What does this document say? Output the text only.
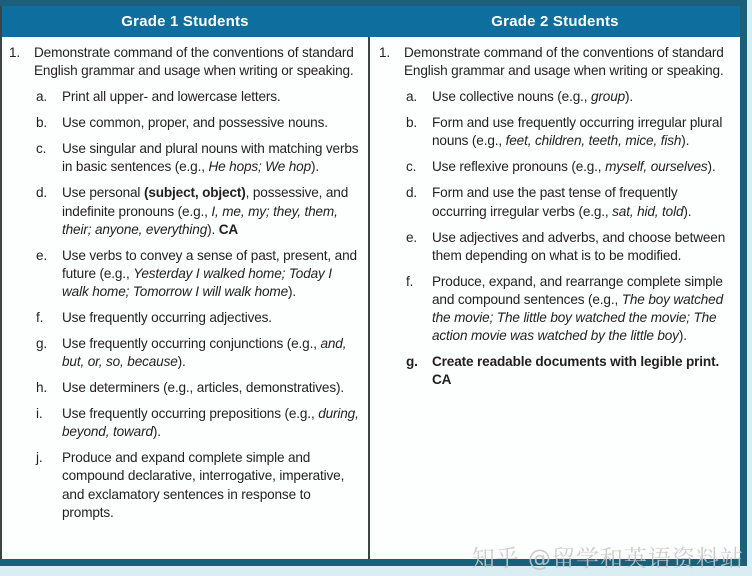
Grade 1 Students	Grade 2 Students
1.	Demonstrate command of the conventions of standard English grammar and usage when writing or speaking.
a.	Print all upper- and lowercase letters.
b.	Use common, proper, and possessive nouns.
c.	Use singular and plural nouns with matching verbs in basic sentences (e.g., He hops; We hop).
d.	Use personal (subject, object), possessive, and indefinite pronouns (e.g., I, me, my; they, them, their; anyone, everything). CA
e.	Use verbs to convey a sense of past, present, and future (e.g., Yesterday I walked home; Today I walk home; Tomorrow I will walk home).
f.	Use frequently occurring adjectives.
g.	Use frequently occurring conjunctions (e.g., and, but, or, so, because).
h.	Use determiners (e.g., articles, demonstratives).
i.	Use frequently occurring prepositions (e.g., during, beyond, toward).
j.	Produce and expand complete simple and compound declarative, interrogative, imperative, and exclamatory sentences in response to prompts.
1.	Demonstrate command of the conventions of standard English grammar and usage when writing or speaking.
a.	Use collective nouns (e.g., group).
b.	Form and use frequently occurring irregular plural nouns (e.g., feet, children, teeth, mice, fish).
c.	Use reflexive pronouns (e.g., myself, ourselves).
d.	Form and use the past tense of frequently occurring irregular verbs (e.g., sat, hid, told).
e.	Use adjectives and adverbs, and choose between them depending on what is to be modified.
f.	Produce, expand, and rearrange complete simple and compound sentences (e.g., The boy watched the movie; The little boy watched the movie; The action movie was watched by the little boy).
g.	Create readable documents with legible print. CA
知乎 @留学和英语资料站
